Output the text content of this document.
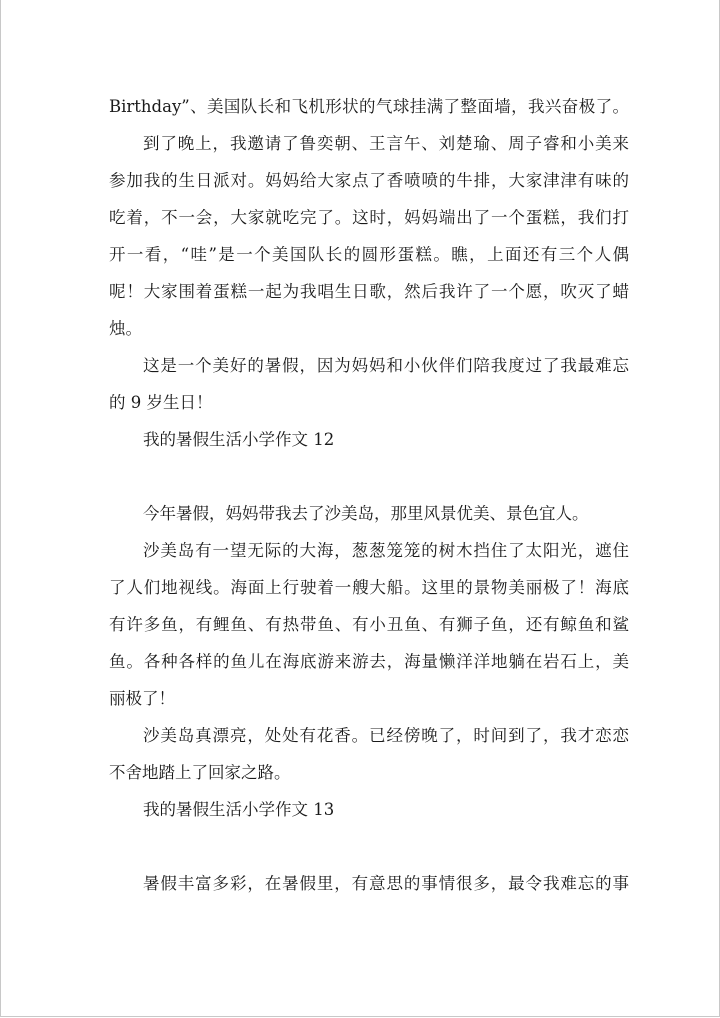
Birthday”、美国队长和飞机形状的气球挂满了整面墙，我兴奋极了。
到了晚上，我邀请了鲁奕朝、王言午、刘楚瑜、周子睿和小美来
参加我的生日派对。妈妈给大家点了香喷喷的牛排，大家津津有味的
吃着，不一会，大家就吃完了。这时，妈妈端出了一个蛋糕，我们打
开一看，“哇”是一个美国队长的圆形蛋糕。瞧，上面还有三个人偶
呢！大家围着蛋糕一起为我唱生日歌，然后我许了一个愿，吹灭了蜡
烛。
这是一个美好的暑假，因为妈妈和小伙伴们陪我度过了我最难忘
的 9 岁生日！
我的暑假生活小学作文 12
今年暑假，妈妈带我去了沙美岛，那里风景优美、景色宜人。
沙美岛有一望无际的大海，葱葱笼笼的树木挡住了太阳光，遮住
了人们地视线。海面上行驶着一艘大船。这里的景物美丽极了！海底
有许多鱼，有鲤鱼、有热带鱼、有小丑鱼、有狮子鱼，还有鲸鱼和鲨
鱼。各种各样的鱼儿在海底游来游去，海量懒洋洋地躺在岩石上，美
丽极了！
沙美岛真漂亮，处处有花香。已经傍晚了，时间到了，我才恋恋
不舍地踏上了回家之路。
我的暑假生活小学作文 13
暑假丰富多彩，在暑假里，有意思的事情很多，最令我难忘的事
